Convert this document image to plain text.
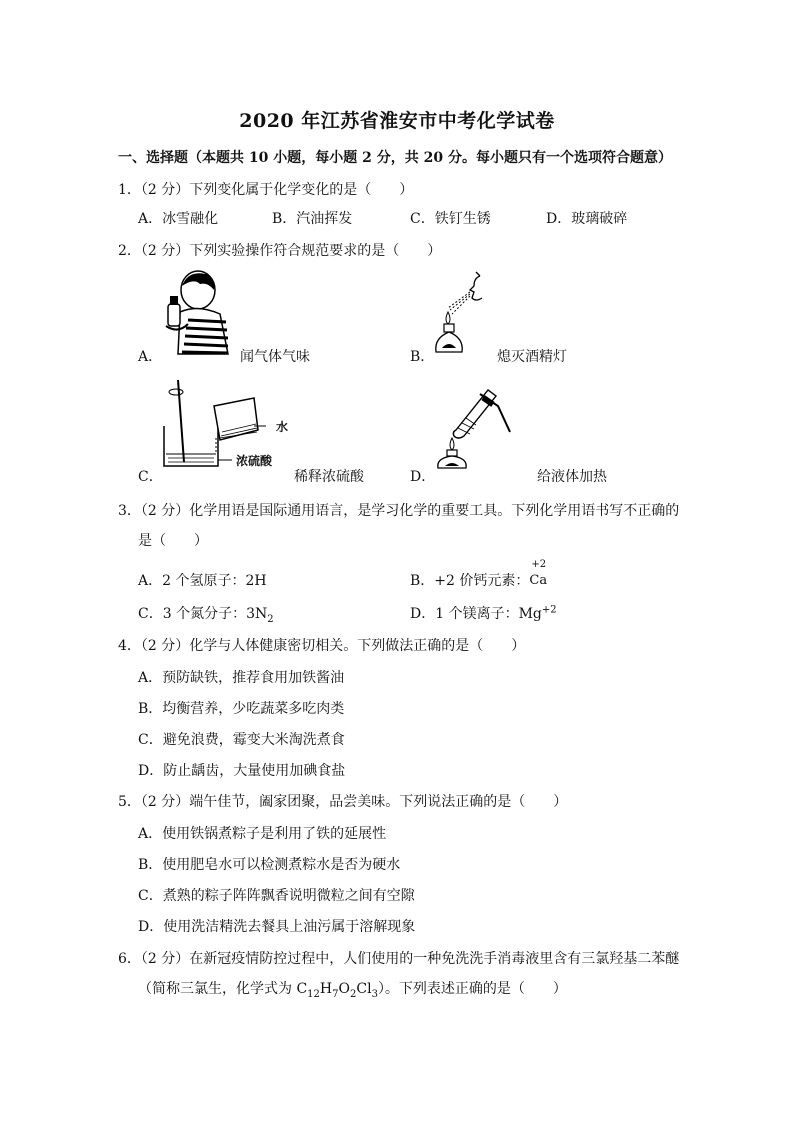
2020 年江苏省淮安市中考化学试卷
一、选择题（本题共 10 小题，每小题 2 分，共 20 分。每小题只有一个选项符合题意）
1．（2 分）下列变化属于化学变化的是（　　）
A．冰雪融化	B．汽油挥发	C．铁钉生锈	D．玻璃破碎
2．（2 分）下列实验操作符合规范要求的是（　　）
A．	闻气体气味	B．	熄灭酒精灯
水
浓硫酸
C．	稀释浓硫酸	D．	给液体加热
3．（2 分）化学用语是国际通用语言，是学习化学的重要工具。下列化学用语书写不正确的
是（　　）
A．2 个氢原子：2H	B．+2 价钙元素：
+2
Ca
C．3 个氮分子：$3N_2$	D．1 个镁离子：$Mg^{+2}$
4．（2 分）化学与人体健康密切相关。下列做法正确的是（　　）
A．预防缺铁，推荐食用加铁酱油
B．均衡营养，少吃蔬菜多吃肉类
C．避免浪费，霉变大米淘洗煮食
D．防止龋齿，大量使用加碘食盐
5．（2 分）端午佳节，阖家团聚，品尝美味。下列说法正确的是（　　）
A．使用铁锅煮粽子是利用了铁的延展性
B．使用肥皂水可以检测煮粽水是否为硬水
C．煮熟的粽子阵阵飘香说明微粒之间有空隙
D．使用洗洁精洗去餐具上油污属于溶解现象
6．（2 分）在新冠疫情防控过程中，人们使用的一种免洗洗手消毒液里含有三氯羟基二苯醚
（简称三氯生，化学式为 $C_{12}H_7O_2Cl_3$）。下列表述正确的是（　　）
